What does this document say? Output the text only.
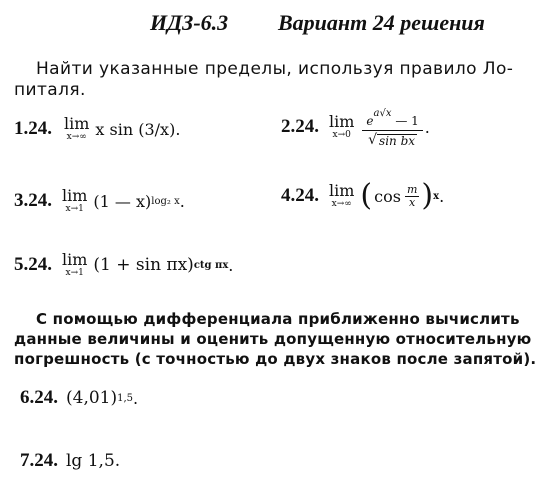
ИДЗ-6.3 Вариант 24 решения
Найти указанные пределы, используя правило Ло-
питаля.
1.24. lim
x→∞ x sin (3/x).	2.24. lim
$x\to 0 \frac{e^{a√x} — 1}{\text{√ sin bx}}$ .
3.24. lim
x→1 (1 — x) log₂ x .	4.24. lim
x→∞ ( $\cos \frac{m}{x}$ ) x .
5.24. lim
x→1 (1 + sin πx) ctg πx .
С помощью дифференциала приближенно вычислить
данные величины и оценить допущенную относительную
погрешность (с точностью до двух знаков после запятой).
6.24. (4,01) 1,5 .
7.24. lg 1,5.
